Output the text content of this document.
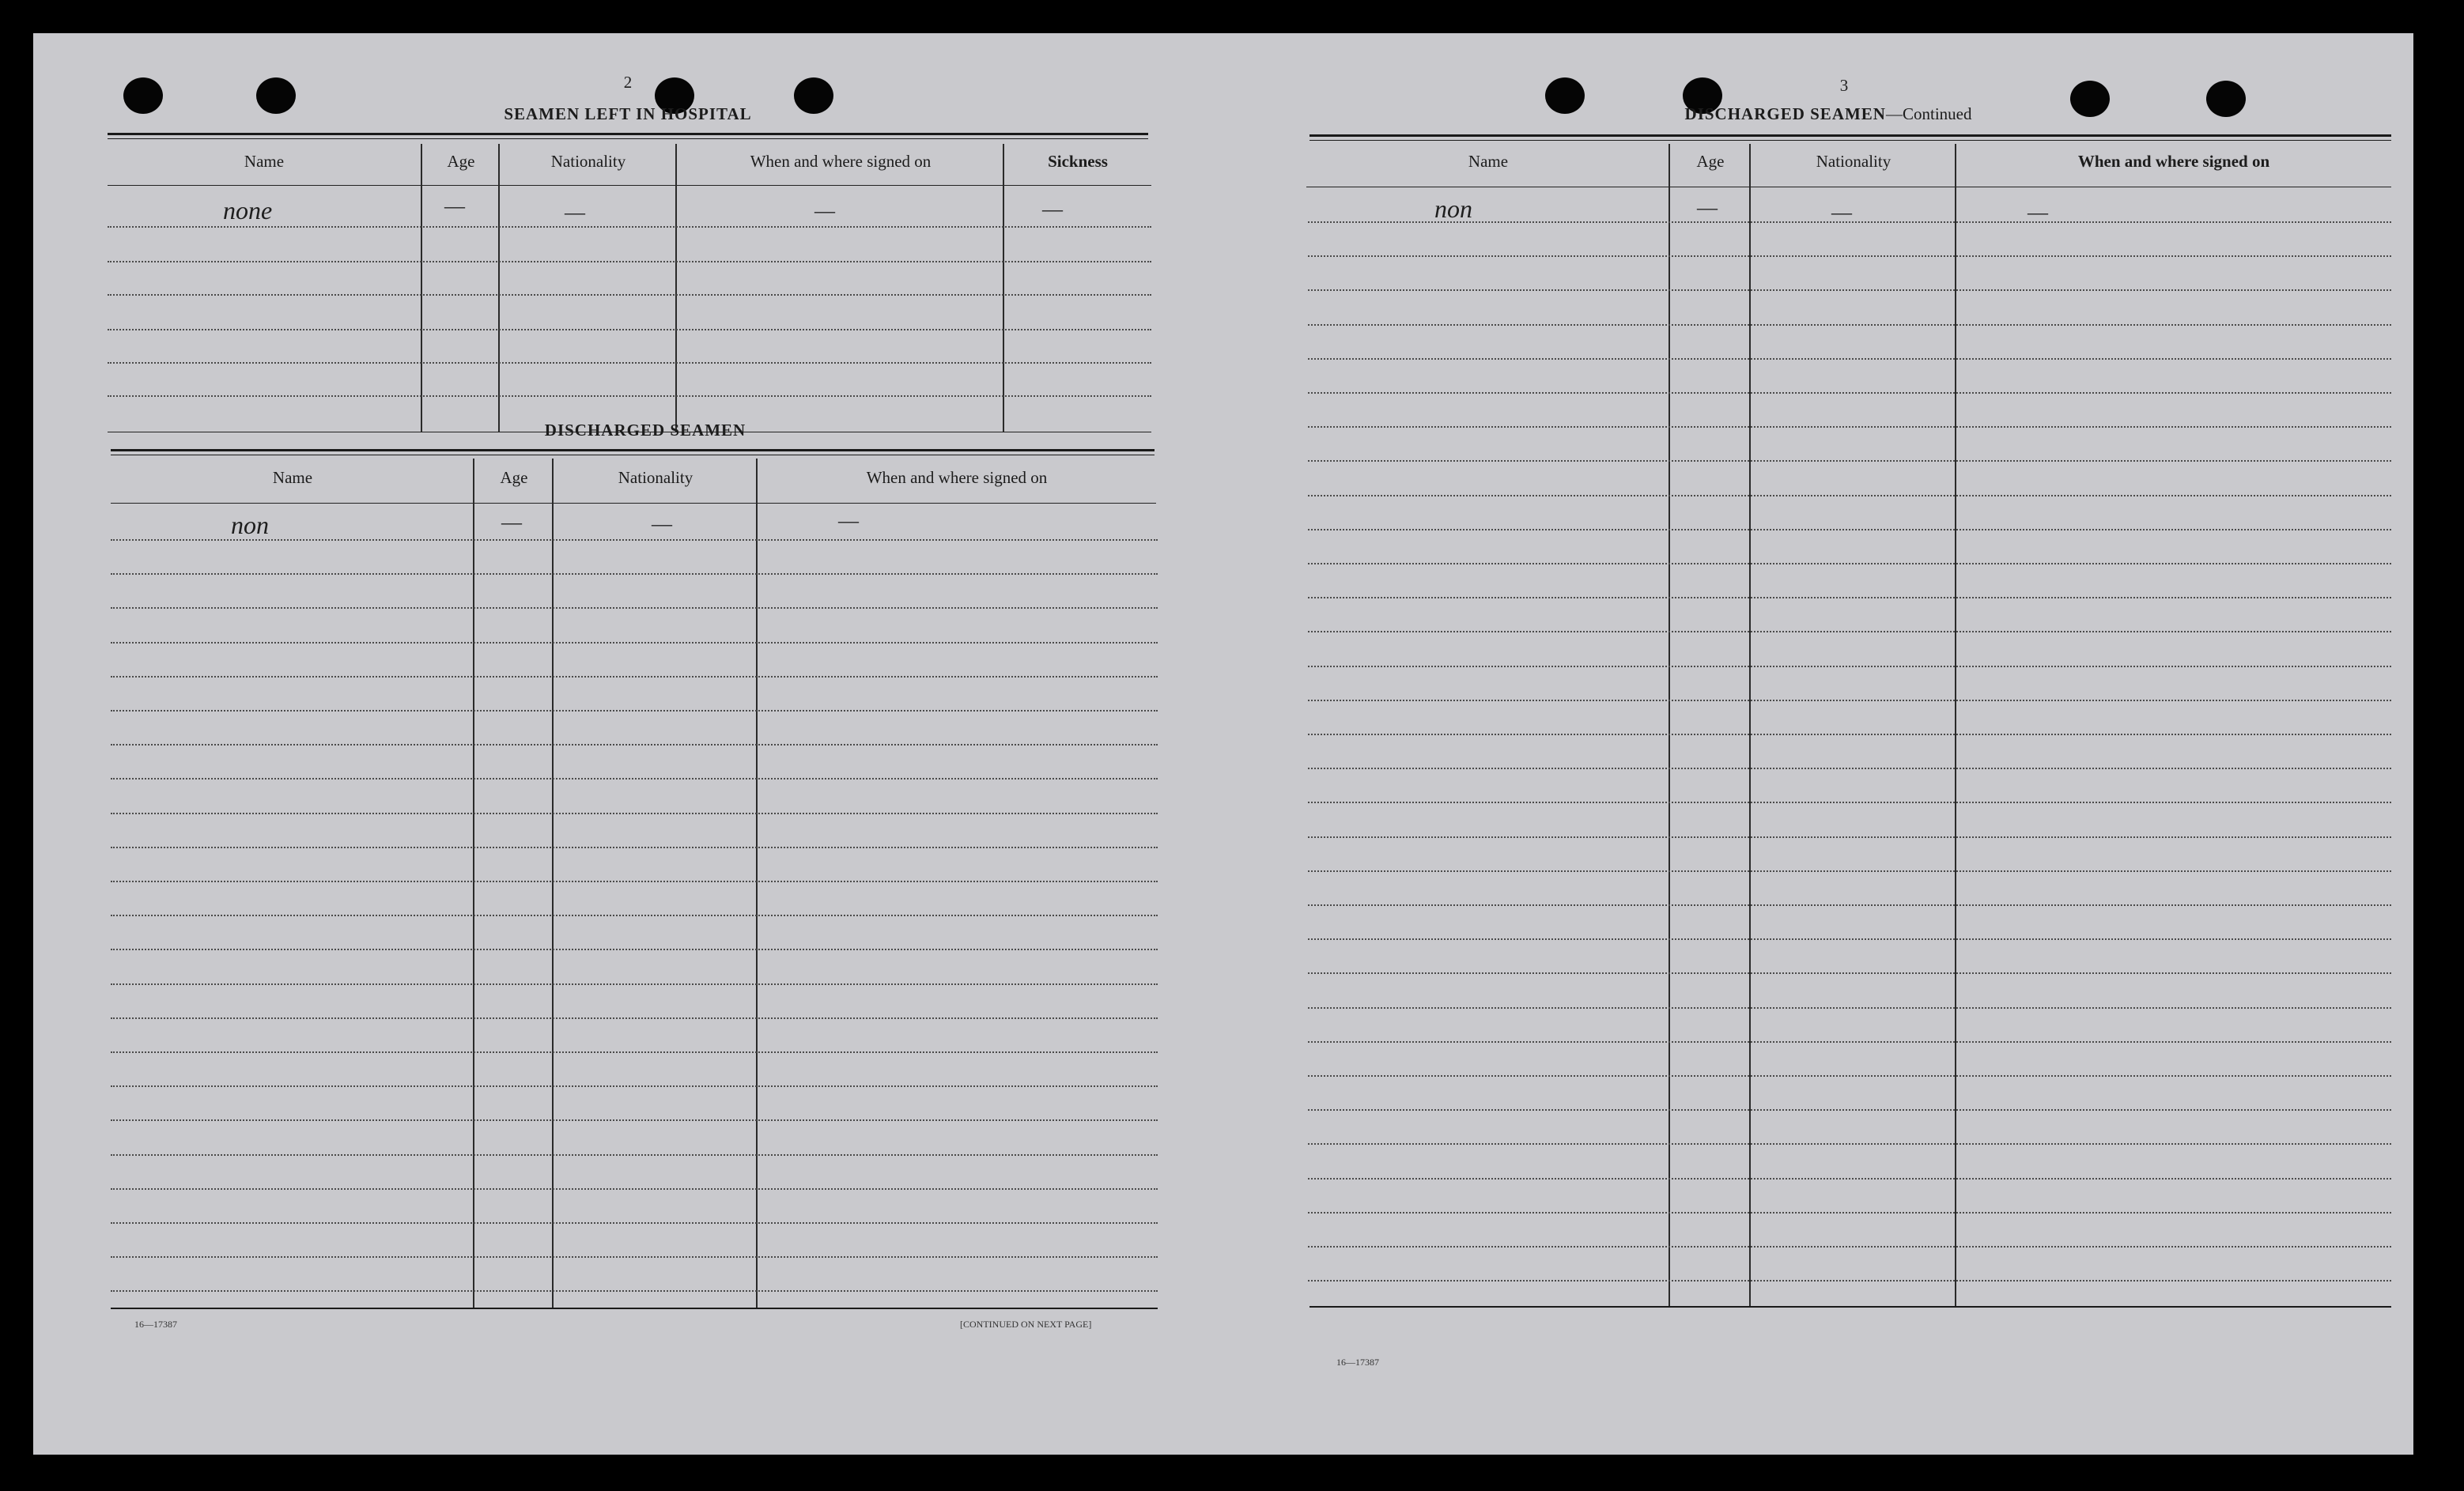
2
SEAMEN LEFT IN HOSPITAL
Name	Age	Nationality	When and where signed on	Sickness
none	—	—	—	—
DISCHARGED SEAMEN
Name	Age	Nationality	When and where signed on
non	—	—	—
16—17387	[CONTINUED ON NEXT PAGE]
3
DISCHARGED SEAMEN—Continued
Name	Age	Nationality	When and where signed on
non	—	—	—
16—17387
